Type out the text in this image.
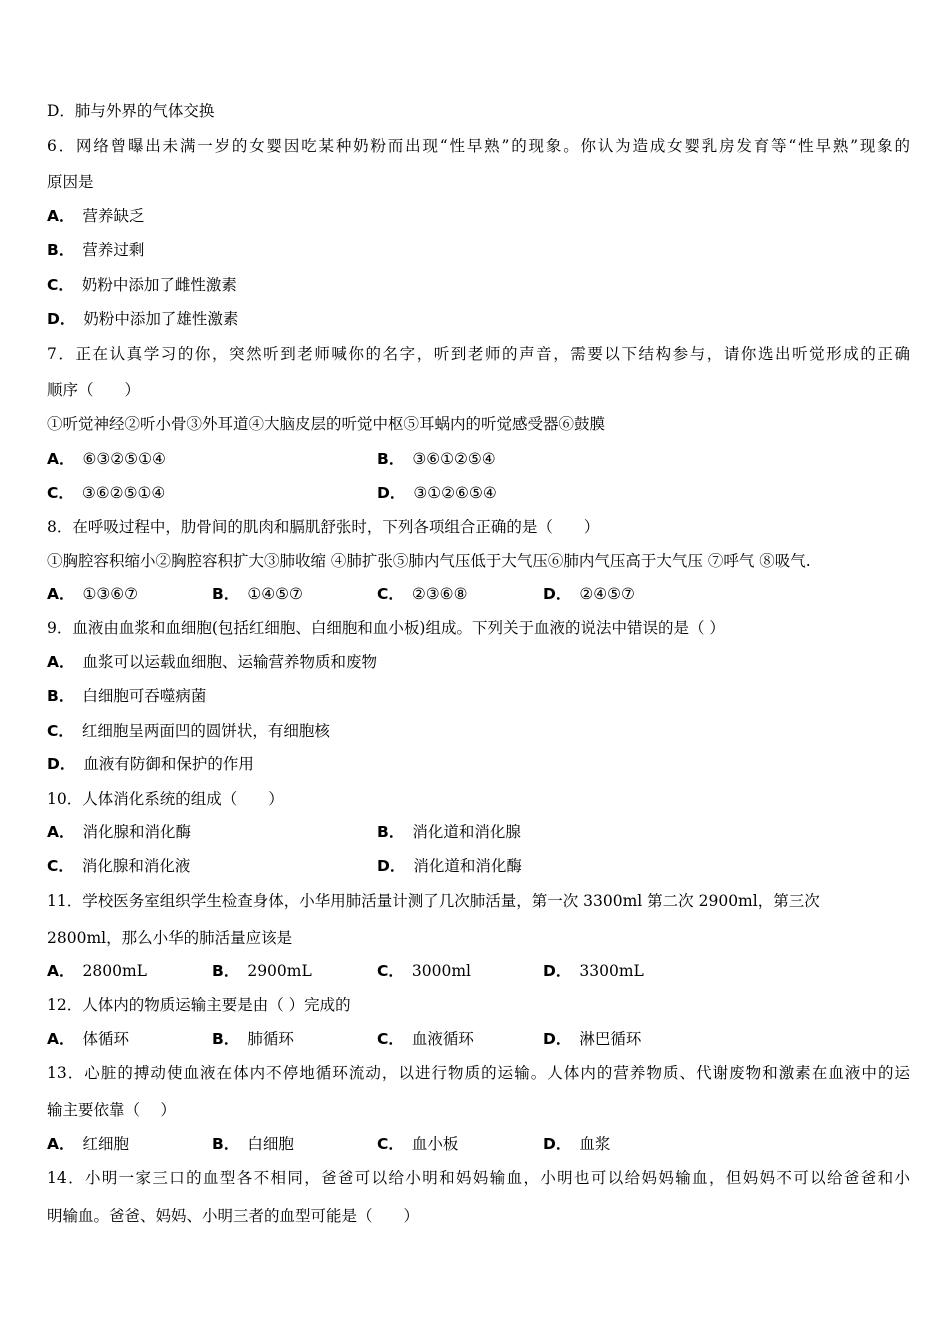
D．肺与外界的气体交换
6．网络曾曝出未满一岁的女婴因吃某种奶粉而出现“性早熟”的现象。你认为造成女婴乳房发育等“性早熟”现象的
原因是
A． 营养缺乏
B． 营养过剩
C． 奶粉中添加了雌性激素
D． 奶粉中添加了雄性激素
7．正在认真学习的你，突然听到老师喊你的名字，听到老师的声音，需要以下结构参与，请你选出听觉形成的正确
顺序（　　）
①听觉神经②听小骨③外耳道④大脑皮层的听觉中枢⑤耳蜗内的听觉感受器⑥鼓膜
A． ⑥③②⑤①④	B． ③⑥①②⑤④
C． ③⑥②⑤①④	D． ③①②⑥⑤④
8．在呼吸过程中，肋骨间的肌肉和膈肌舒张时，下列各项组合正确的是（　　）
①胸腔容积缩小②胸腔容积扩大③肺收缩 ④肺扩张⑤肺内气压低于大气压⑥肺内气压高于大气压 ⑦呼气 ⑧吸气.
A． ①③⑥⑦	B． ①④⑤⑦	C． ②③⑥⑧	D． ②④⑤⑦
9．血液由血浆和血细胞(包括红细胞、白细胞和血小板)组成。下列关于血液的说法中错误的是（ ）
A． 血浆可以运载血细胞、运输营养物质和废物
B． 白细胞可吞噬病菌
C． 红细胞呈两面凹的圆饼状，有细胞核
D． 血液有防御和保护的作用
10．人体消化系统的组成（　　）
A． 消化腺和消化酶	B． 消化道和消化腺
C． 消化腺和消化液	D． 消化道和消化酶
11．学校医务室组织学生检查身体，小华用肺活量计测了几次肺活量，第一次 3300ml 第二次 2900ml，第三次
2800ml，那么小华的肺活量应该是
A． 2800mL	B． 2900mL	C． 3000ml	D． 3300mL
12．人体内的物质运输主要是由（ ）完成的
A． 体循环	B． 肺循环	C． 血液循环	D． 淋巴循环
13．心脏的搏动使血液在体内不停地循环流动，以进行物质的运输。人体内的营养物质、代谢废物和激素在血液中的运
输主要依靠（　 ）
A． 红细胞	B． 白细胞	C． 血小板	D． 血浆
14．小明一家三口的血型各不相同，爸爸可以给小明和妈妈输血，小明也可以给妈妈输血，但妈妈不可以给爸爸和小
明输血。爸爸、妈妈、小明三者的血型可能是（　　）
